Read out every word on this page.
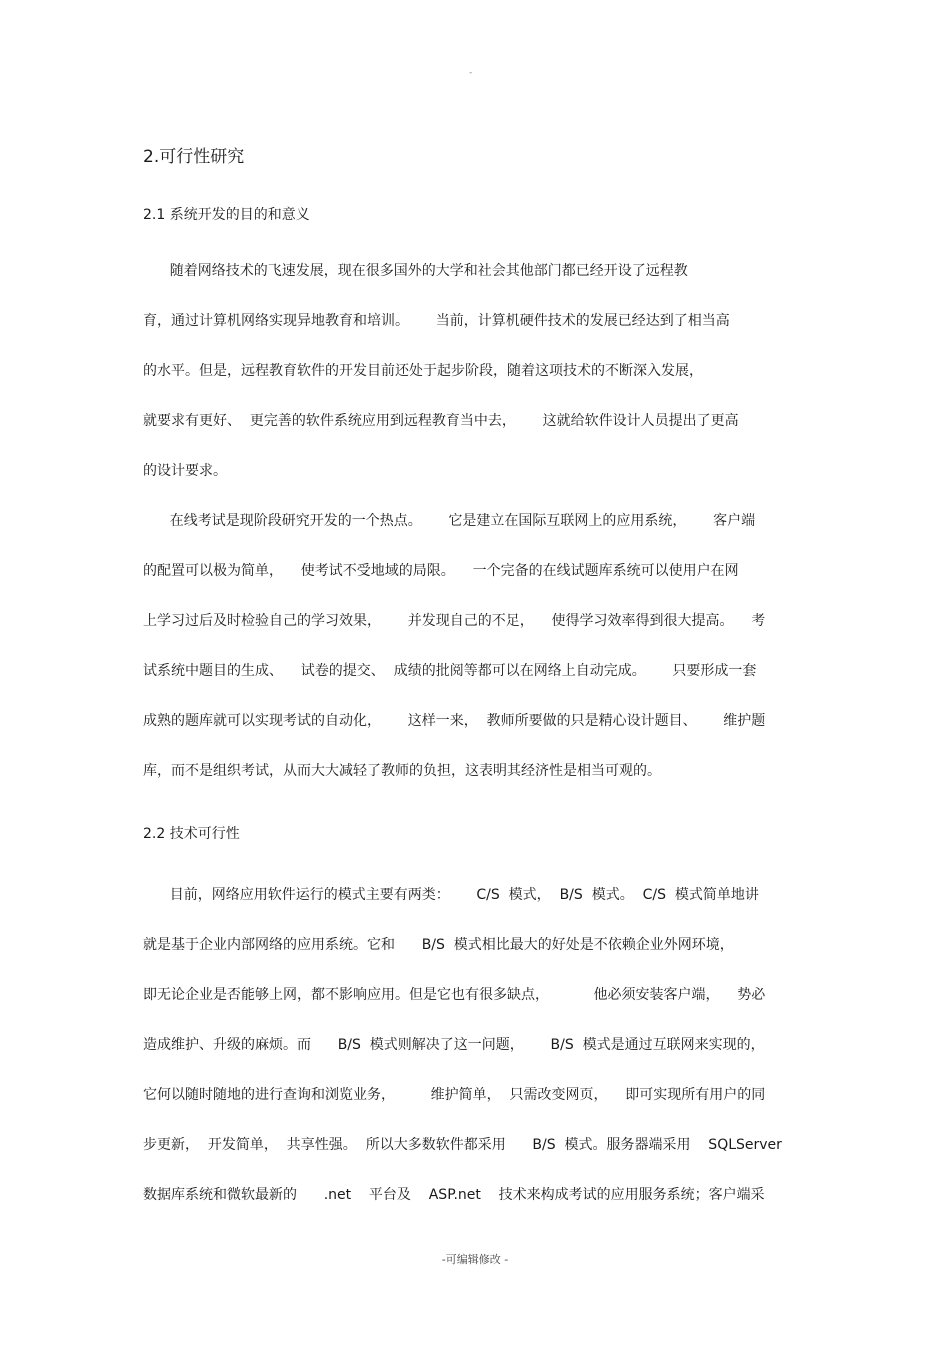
-
2.可行性研究
2.1 系统开发的目的和意义
随着网络技术的飞速发展，现在很多国外的大学和社会其他部门都已经开设了远程教
育，通过计算机网络实现异地教育和培训。      当前，计算机硬件技术的发展已经达到了相当高
的水平。但是，远程教育软件的开发目前还处于起步阶段，随着这项技术的不断深入发展，
就要求有更好、  更完善的软件系统应用到远程教育当中去，      这就给软件设计人员提出了更高
的设计要求。
在线考试是现阶段研究开发的一个热点。      它是建立在国际互联网上的应用系统，      客户端
的配置可以极为简单，    使考试不受地域的局限。    一个完备的在线试题库系统可以使用户在网
上学习过后及时检验自己的学习效果，      并发现自己的不足，    使得学习效率得到很大提高。    考
试系统中题目的生成、    试卷的提交、  成绩的批阅等都可以在网络上自动完成。      只要形成一套
成熟的题库就可以实现考试的自动化，      这样一来，  教师所要做的只是精心设计题目、      维护题
库，而不是组织考试，从而大大减轻了教师的负担，这表明其经济性是相当可观的。
2.2 技术可行性
目前，网络应用软件运行的模式主要有两类：      C/S  模式，  B/S  模式。  C/S  模式简单地讲
就是基于企业内部网络的应用系统。它和      B/S  模式相比最大的好处是不依赖企业外网环境，
即无论企业是否能够上网，都不影响应用。但是它也有很多缺点，          他必须安装客户端，    势必
造成维护、升级的麻烦。而      B/S  模式则解决了这一问题，      B/S  模式是通过互联网来实现的，
它何以随时随地的进行查询和浏览业务，        维护简单，  只需改变网页，    即可实现所有用户的同
步更新，  开发简单，  共享性强。  所以大多数软件都采用      B/S  模式。服务器端采用    SQLServer
数据库系统和微软最新的      .net    平台及    ASP.net    技术来构成考试的应用服务系统；客户端采
-可编辑修改 -
